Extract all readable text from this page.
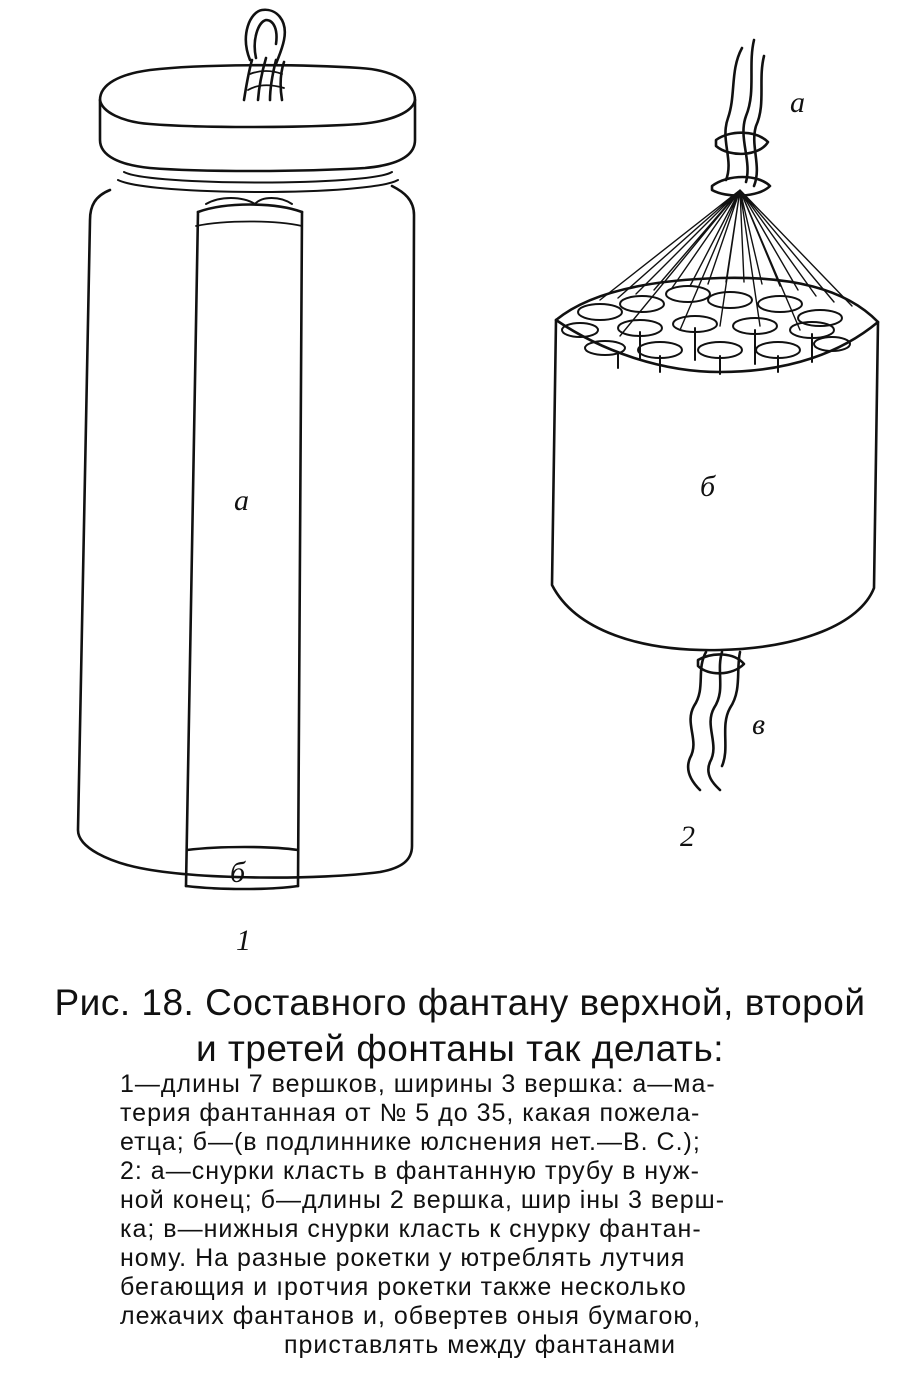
а
б
1
а
б
в
2
Рис. 18. Составного фантану верхной, второй
и третей фонтаны так делать:
1—длины 7 вершков, ширины 3 вершка: а—ма-
терия фантанная от № 5 до 35, какая пожела-
етца; б—(в подлиннике юлснения нет.—В. С.);
2: а—снурки класть в фантанную трубу в нуж-
ной конец; б—длины 2 вершка, шир іны 3 верш-
ка; в—нижныя снурки класть к снурку фантан-
ному. На разные рокетки у ютреблять лутчия
бегающия и ıротчия рокетки также несколько
лежачих фантанов и, обвертев оныя бумагою,
приставлять между фантанами
